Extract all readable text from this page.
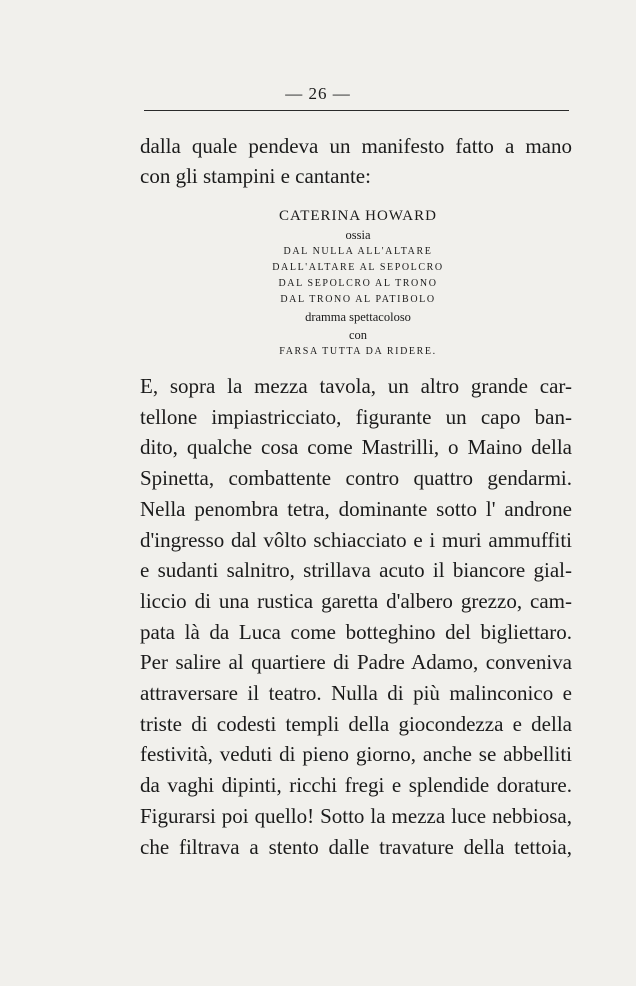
— 26 —

dalla quale pendeva un manifesto fatto a mano

con gli stampini e cantante:

CATERINA HOWARD
ossia
DAL NULLA ALL'ALTARE
DALL'ALTARE AL SEPOLCRO
DAL SEPOLCRO AL TRONO
DAL TRONO AL PATIBOLO
dramma spettacoloso
con
FARSA TUTTA DA RIDERE.
E, sopra la mezza tavola, un altro grande car-
tellone impiastricciato, figurante un capo ban-
dito, qualche cosa come Mastrilli, o Maino della
Spinetta, combattente contro quattro gendarmi.
Nella penombra tetra, dominante sotto l' androne
d'ingresso dal vôlto schiacciato e i muri ammuffiti
e sudanti salnitro, strillava acuto il biancore gial-
liccio di una rustica garetta d'albero grezzo, cam-
pata là da Luca come botteghino del bigliettaro.
Per salire al quartiere di Padre Adamo, conveniva
attraversare il teatro. Nulla di più malinconico e
triste di codesti templi della giocondezza e della
festività, veduti di pieno giorno, anche se abbelliti
da vaghi dipinti, ricchi fregi e splendide dorature.
Figurarsi poi quello! Sotto la mezza luce nebbiosa,
che filtrava a stento dalle travature della tettoia,
